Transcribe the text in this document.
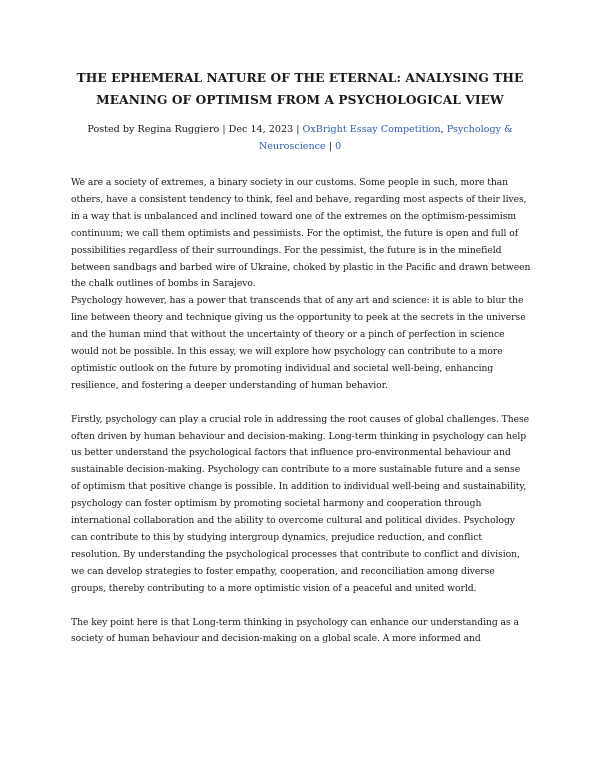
THE EPHEMERAL NATURE OF THE ETERNAL: ANALYSING THE MEANING OF OPTIMISM FROM A PSYCHOLOGICAL VIEW

Posted by Regina Ruggiero | Dec 14, 2023 | OxBright Essay Competition, Psychology & Neuroscience | 0

We are a society of extremes, a binary society in our customs. Some people in such, more than others, have a consistent tendency to think, feel and behave, regarding most aspects of their lives, in a way that is unbalanced and inclined toward one of the extremes on the optimism-pessimism continuum; we call them optimists and pessimists. For the optimist, the future is open and full of possibilities regardless of their surroundings. For the pessimist, the future is in the minefield between sandbags and barbed wire of Ukraine, choked by plastic in the Pacific and drawn between the chalk outlines of bombs in Sarajevo.

Psychology however, has a power that transcends that of any art and science: it is able to blur the line between theory and technique giving us the opportunity to peek at the secrets in the universe and the human mind that without the uncertainty of theory or a pinch of perfection in science would not be possible. In this essay, we will explore how psychology can contribute to a more optimistic outlook on the future by promoting individual and societal well-being, enhancing resilience, and fostering a deeper understanding of human behavior.

Firstly, psychology can play a crucial role in addressing the root causes of global challenges. These often driven by human behaviour and decision-making. Long-term thinking in psychology can help us better understand the psychological factors that influence pro-environmental behaviour and sustainable decision-making. Psychology can contribute to a more sustainable future and a sense of optimism that positive change is possible. In addition to individual well-being and sustainability, psychology can foster optimism by promoting societal harmony and cooperation through international collaboration and the ability to overcome cultural and political divides. Psychology can contribute to this by studying intergroup dynamics, prejudice reduction, and conflict resolution. By understanding the psychological processes that contribute to conflict and division, we can develop strategies to foster empathy, cooperation, and reconciliation among diverse groups, thereby contributing to a more optimistic vision of a peaceful and united world.

The key point here is that Long-term thinking in psychology can enhance our understanding as a society of human behaviour and decision-making on a global scale. A more informed and
